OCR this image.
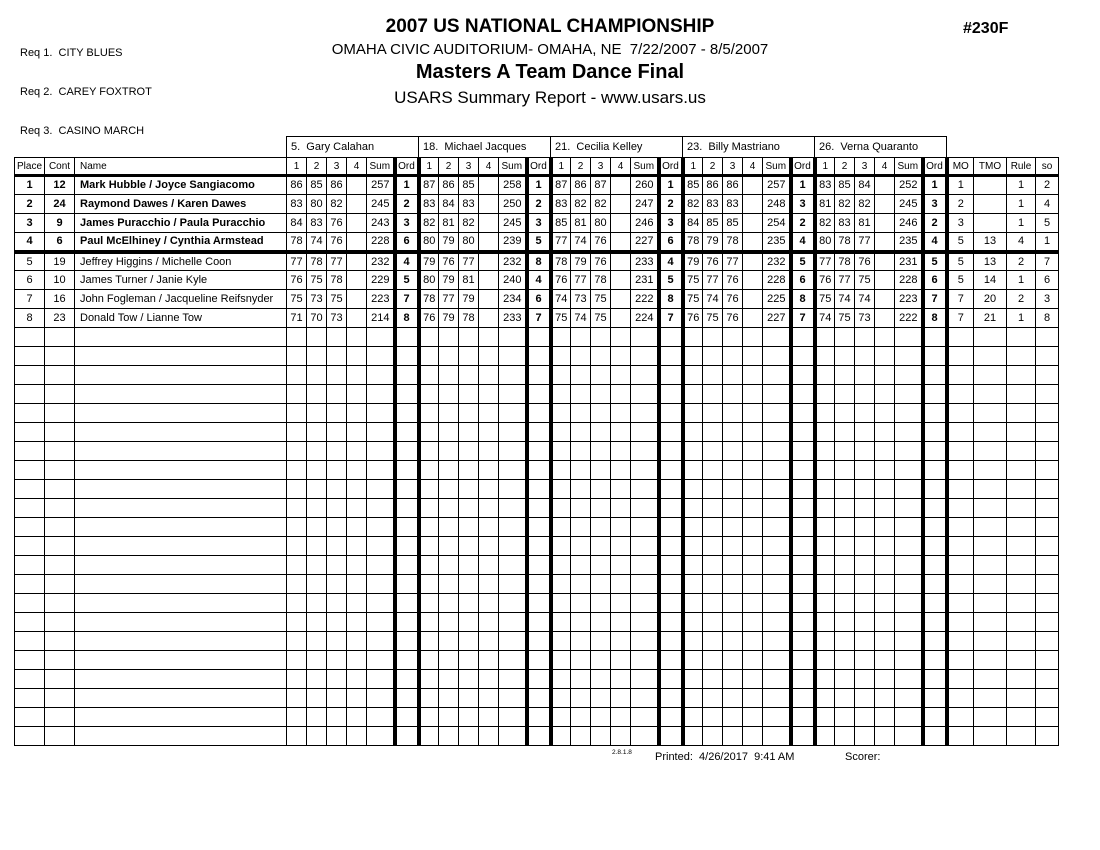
Req 1.  CITY BLUES

Req 2.  CAREY FOXTROT

Req 3.  CASINO MARCH

2007 US NATIONAL CHAMPIONSHIP
OMAHA CIVIC AUDITORIUM- OMAHA, NE  7/22/2007 - 8/5/2007
Masters A Team Dance Final
USARS Summary Report - www.usars.us
#230F
			5.  Gary Calahan						18.  Michael Jacques						21.  Cecilia Kelley						23.  Billy Mastriano						26.  Verna Quaranto									
Place	Cont	Name	1	2	3	4	Sum	Ord	1	2	3	4	Sum	Ord	1	2	3	4	Sum	Ord	1	2	3	4	Sum	Ord	1	2	3	4	Sum	Ord	MO	TMO	Rule	so
1	12	Mark Hubble / Joyce Sangiacomo	86	85	86		257	1	87	86	85		258	1	87	86	87		260	1	85	86	86		257	1	83	85	84		252	1	1		1	2
2	24	Raymond Dawes / Karen Dawes	83	80	82		245	2	83	84	83		250	2	83	82	82		247	2	82	83	83		248	3	81	82	82		245	3	2		1	4
3	9	James Puracchio / Paula Puracchio	84	83	76		243	3	82	81	82		245	3	85	81	80		246	3	84	85	85		254	2	82	83	81		246	2	3		1	5
4	6	Paul McElhiney / Cynthia Armstead	78	74	76		228	6	80	79	80		239	5	77	74	76		227	6	78	79	78		235	4	80	78	77		235	4	5	13	4	1
5	19	Jeffrey Higgins / Michelle Coon	77	78	77		232	4	79	76	77		232	8	78	79	76		233	4	79	76	77		232	5	77	78	76		231	5	5	13	2	7
6	10	James Turner / Janie Kyle	76	75	78		229	5	80	79	81		240	4	76	77	78		231	5	75	77	76		228	6	76	77	75		228	6	5	14	1	6
7	16	John Fogleman / Jacqueline Reifsnyder	75	73	75		223	7	78	77	79		234	6	74	73	75		222	8	75	74	76		225	8	75	74	74		223	7	7	20	2	3
8	23	Donald Tow / Lianne Tow	71	70	73		214	8	76	79	78		233	7	75	74	75		224	7	76	75	76		227	7	74	75	73		222	8	7	21	1	8

2.8.1.8 Printed:  4/26/2017  9:41 AM	Scorer:
